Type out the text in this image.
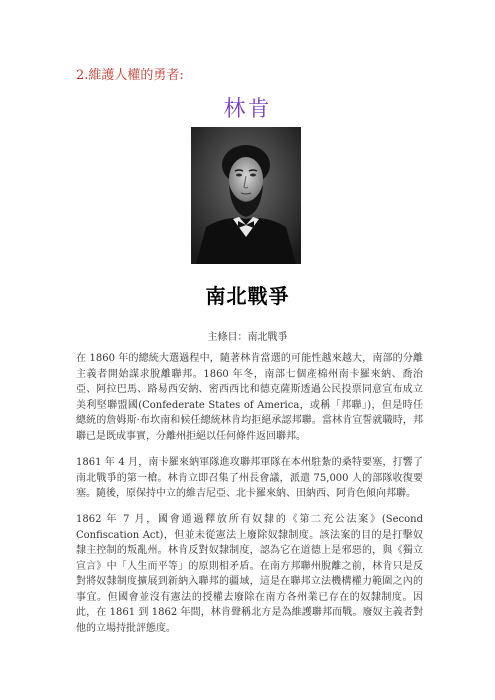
2.維護人權的勇者:
林肯
南北戰爭
主條目：南北戰爭

在 1860 年的總統大選過程中，隨著林肯當選的可能性越來越大，南部的分離主義者開始謀求脫離聯邦。1860 年冬，南部七個產棉州南卡羅來納、喬治亞、阿拉巴馬、路易西安納、密西西比和德克薩斯透過公民投票同意宣布成立美利堅聯盟國(Confederate States of America，或稱「邦聯」)，但是時任總統的詹姆斯·布坎南和候任總統林肯均拒絕承認邦聯。當林肯宣誓就職時，邦聯已是既成事實，分離州拒絕以任何條件返回聯邦。

1861 年 4 月，南卡羅來納軍隊進攻聯邦軍隊在本州駐紮的桑特要塞，打響了南北戰爭的第一槍。林肯立即召集了州長會議，派遣 75,000 人的部隊收復要塞。隨後，原保持中立的維吉尼亞、北卡羅來納、田納西、阿肯色傾向邦聯。

1862 年 7 月，國會通過釋放所有奴隸的《第二充公法案》(Second Confiscation Act)，但並未從憲法上廢除奴隸制度。該法案的目的是打擊奴隸主控制的叛亂州。林肯反對奴隸制度，認為它在道德上是邪惡的，與《獨立宣言》中「人生而平等」的原則相矛盾。在南方邦聯州脫離之前，林肯只是反對將奴隸制度擴展到新納入聯邦的疆域，這是在聯邦立法機構權力範圍之內的事宜。但國會並沒有憲法的授權去廢除在南方各州業已存在的奴隸制度。因此，在 1861 到 1862 年間，林肯聲稱北方是為維護聯邦而戰。廢奴主義者對他的立場持批評態度。
